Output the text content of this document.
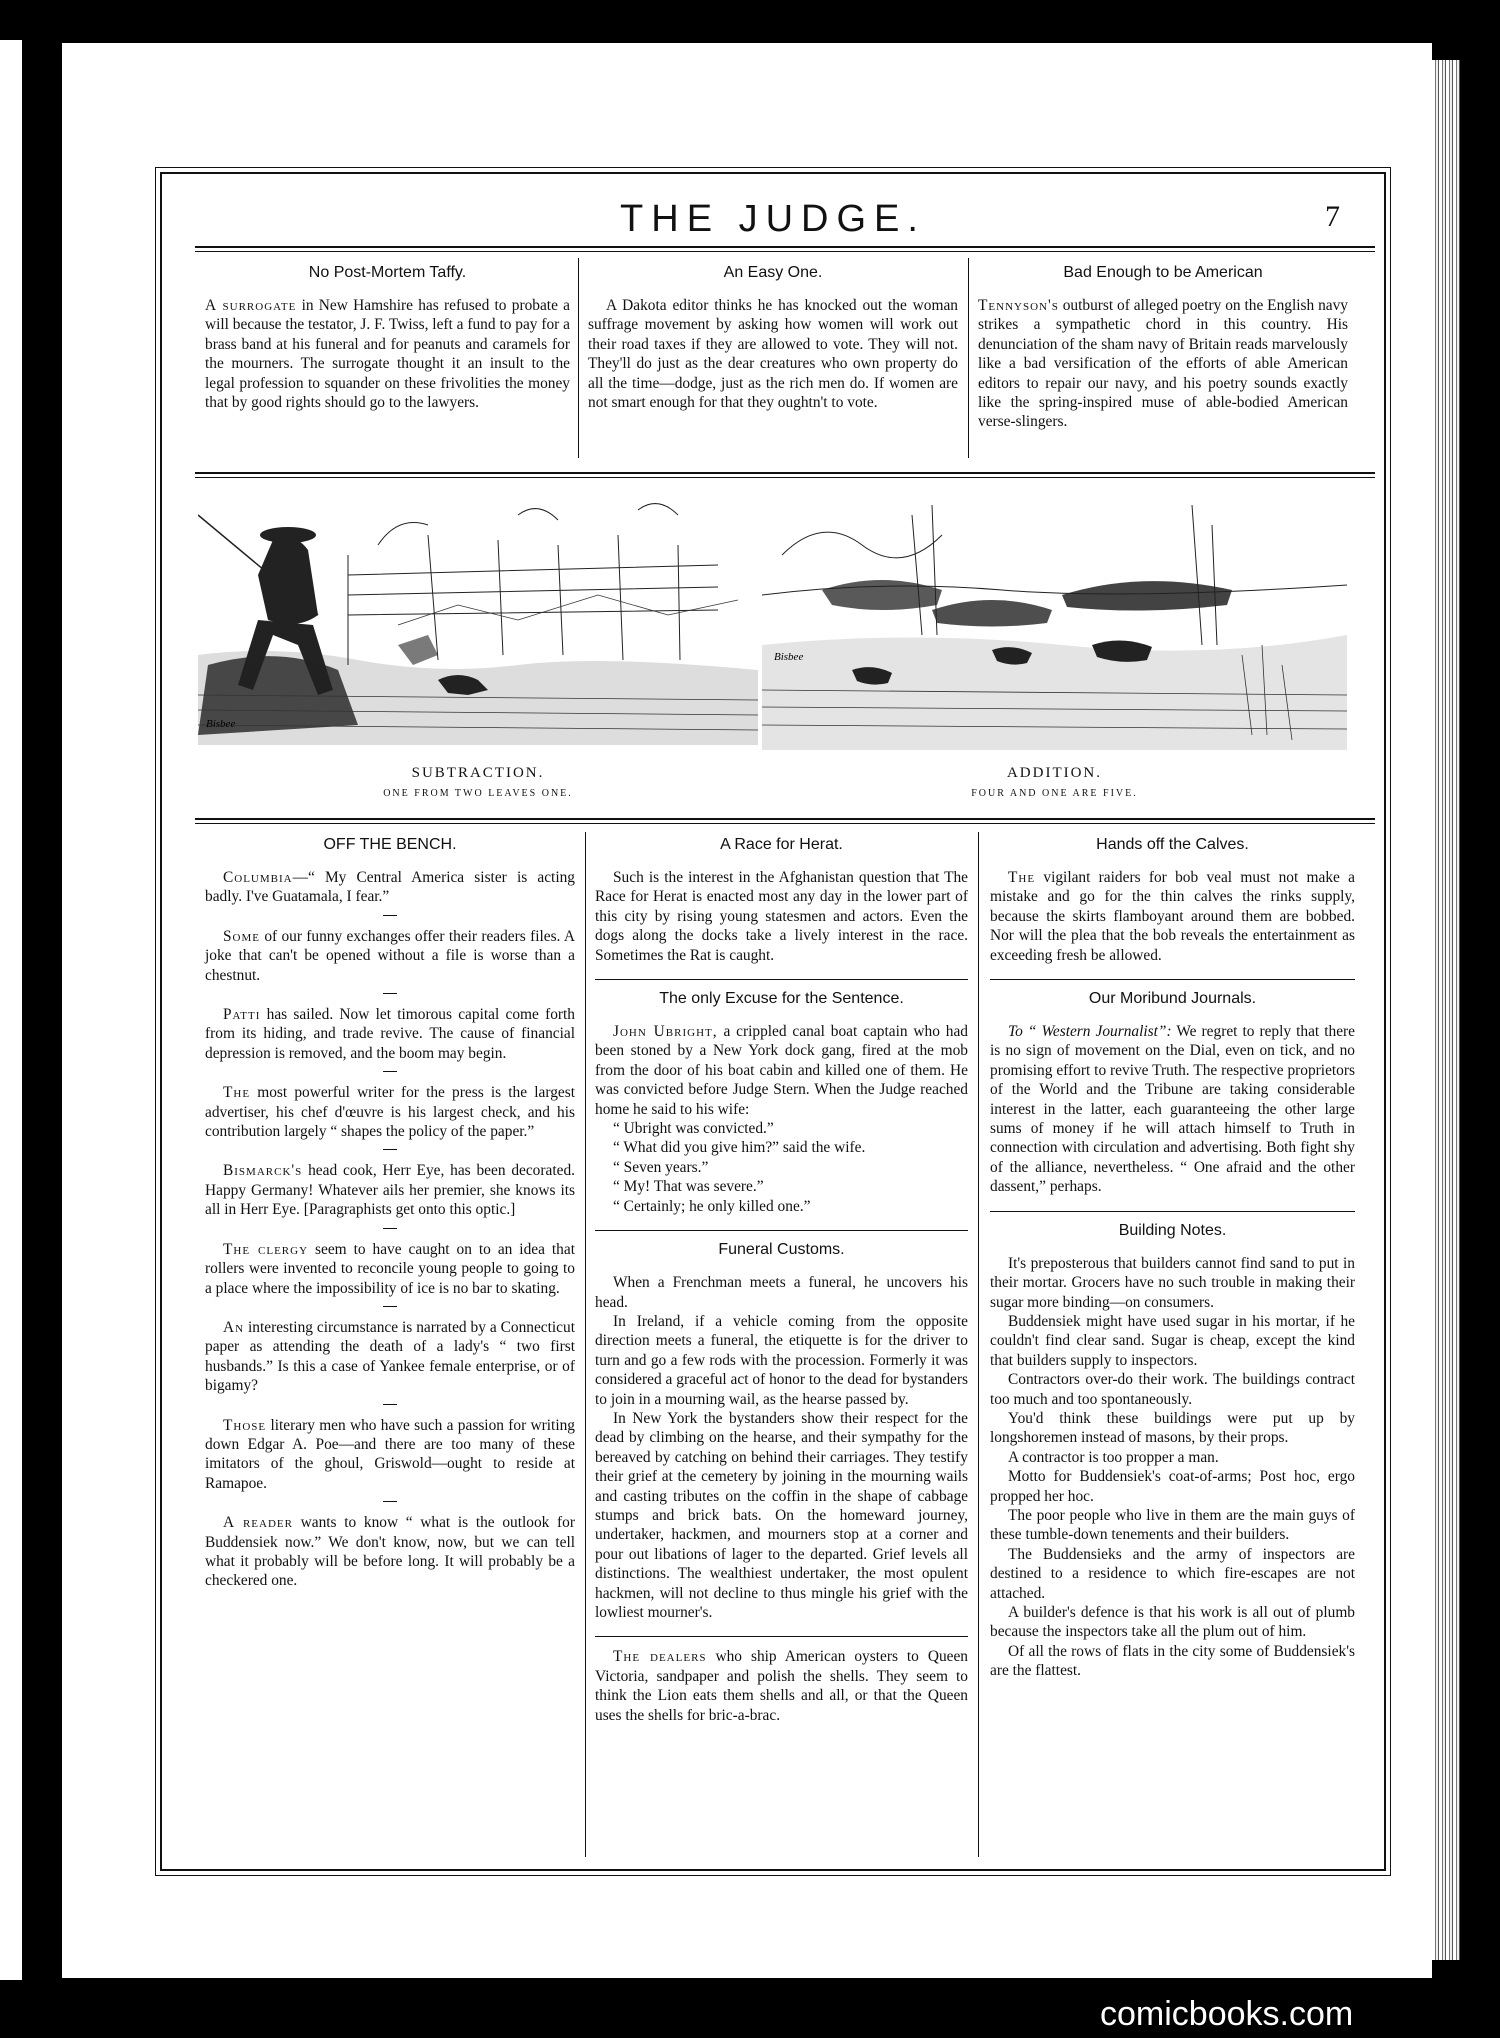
THE JUDGE.	7
No Post-Mortem Taffy.

A surrogate in New Hamshire has refused to probate a will because the testator, J. F. Twiss, left a fund to pay for a brass band at his funeral and for peanuts and caramels for the mourners. The surrogate thought it an insult to the legal profession to squander on these frivolities the money that by good rights should go to the lawyers.

An Easy One.

A Dakota editor thinks he has knocked out the woman suffrage movement by asking how women will work out their road taxes if they are allowed to vote. They will not. They'll do just as the dear creatures who own property do all the time—dodge, just as the rich men do. If women are not smart enough for that they oughtn't to vote.

Bad Enough to be American

Tennyson's outburst of alleged poetry on the English navy strikes a sympathetic chord in this country. His denunciation of the sham navy of Britain reads marvelously like a bad versification of the efforts of able American editors to repair our navy, and his poetry sounds exactly like the spring-inspired muse of able-bodied American verse-slingers.

Bisbee
Bisbee
SUBTRACTION.
ONE FROM TWO LEAVES ONE.
ADDITION.
FOUR AND ONE ARE FIVE.
OFF THE BENCH.

Columbia—“ My Central America sister is acting badly. I've Guatamala, I fear.”

Some of our funny exchanges offer their readers files. A joke that can't be opened without a file is worse than a chestnut.

Patti has sailed. Now let timorous capital come forth from its hiding, and trade revive. The cause of financial depression is removed, and the boom may begin.

The most powerful writer for the press is the largest advertiser, his chef d'œuvre is his largest check, and his contribution largely “ shapes the policy of the paper.”

Bismarck's head cook, Herr Eye, has been decorated. Happy Germany! Whatever ails her premier, she knows its all in Herr Eye. [Paragraphists get onto this optic.]

The clergy seem to have caught on to an idea that rollers were invented to reconcile young people to going to a place where the impossibility of ice is no bar to skating.

An interesting circumstance is narrated by a Connecticut paper as attending the death of a lady's “ two first husbands.” Is this a case of Yankee female enterprise, or of bigamy?

Those literary men who have such a passion for writing down Edgar A. Poe—and there are too many of these imitators of the ghoul, Griswold—ought to reside at Ramapoe.

A reader wants to know “ what is the outlook for Buddensiek now.” We don't know, now, but we can tell what it probably will be before long. It will probably be a checkered one.

A Race for Herat.

Such is the interest in the Afghanistan question that The Race for Herat is enacted most any day in the lower part of this city by rising young statesmen and actors. Even the dogs along the docks take a lively interest in the race. Sometimes the Rat is caught.

The only Excuse for the Sentence.

John Ubright, a crippled canal boat captain who had been stoned by a New York dock gang, fired at the mob from the door of his boat cabin and killed one of them. He was convicted before Judge Stern. When the Judge reached home he said to his wife:

“ Ubright was convicted.”

“ What did you give him?” said the wife.

“ Seven years.”

“ My! That was severe.”

“ Certainly; he only killed one.”

Funeral Customs.

When a Frenchman meets a funeral, he uncovers his head.

In Ireland, if a vehicle coming from the opposite direction meets a funeral, the etiquette is for the driver to turn and go a few rods with the procession. Formerly it was considered a graceful act of honor to the dead for bystanders to join in a mourning wail, as the hearse passed by.

In New York the bystanders show their respect for the dead by climbing on the hearse, and their sympathy for the bereaved by catching on behind their carriages. They testify their grief at the cemetery by joining in the mourning wails and casting tributes on the coffin in the shape of cabbage stumps and brick bats. On the homeward journey, undertaker, hackmen, and mourners stop at a corner and pour out libations of lager to the departed. Grief levels all distinctions. The wealthiest undertaker, the most opulent hackmen, will not decline to thus mingle his grief with the lowliest mourner's.

The dealers who ship American oysters to Queen Victoria, sandpaper and polish the shells. They seem to think the Lion eats them shells and all, or that the Queen uses the shells for bric-a-brac.

Hands off the Calves.

The vigilant raiders for bob veal must not make a mistake and go for the thin calves the rinks supply, because the skirts flamboyant around them are bobbed. Nor will the plea that the bob reveals the entertainment as exceeding fresh be allowed.

Our Moribund Journals.

To “ Western Journalist”: We regret to reply that there is no sign of movement on the Dial, even on tick, and no promising effort to revive Truth. The respective proprietors of the World and the Tribune are taking considerable interest in the latter, each guaranteeing the other large sums of money if he will attach himself to Truth in connection with circulation and advertising. Both fight shy of the alliance, nevertheless. “ One afraid and the other dassent,” perhaps.

Building Notes.

It's preposterous that builders cannot find sand to put in their mortar. Grocers have no such trouble in making their sugar more binding—on consumers.

Buddensiek might have used sugar in his mortar, if he couldn't find clear sand. Sugar is cheap, except the kind that builders supply to inspectors.

Contractors over-do their work. The buildings contract too much and too spontaneously.

You'd think these buildings were put up by longshoremen instead of masons, by their props.

A contractor is too propper a man.

Motto for Buddensiek's coat-of-arms; Post hoc, ergo propped her hoc.

The poor people who live in them are the main guys of these tumble-down tenements and their builders.

The Buddensieks and the army of inspectors are destined to a residence to which fire-escapes are not attached.

A builder's defence is that his work is all out of plumb because the inspectors take all the plum out of him.

Of all the rows of flats in the city some of Buddensiek's are the flattest.

comicbooks.com
